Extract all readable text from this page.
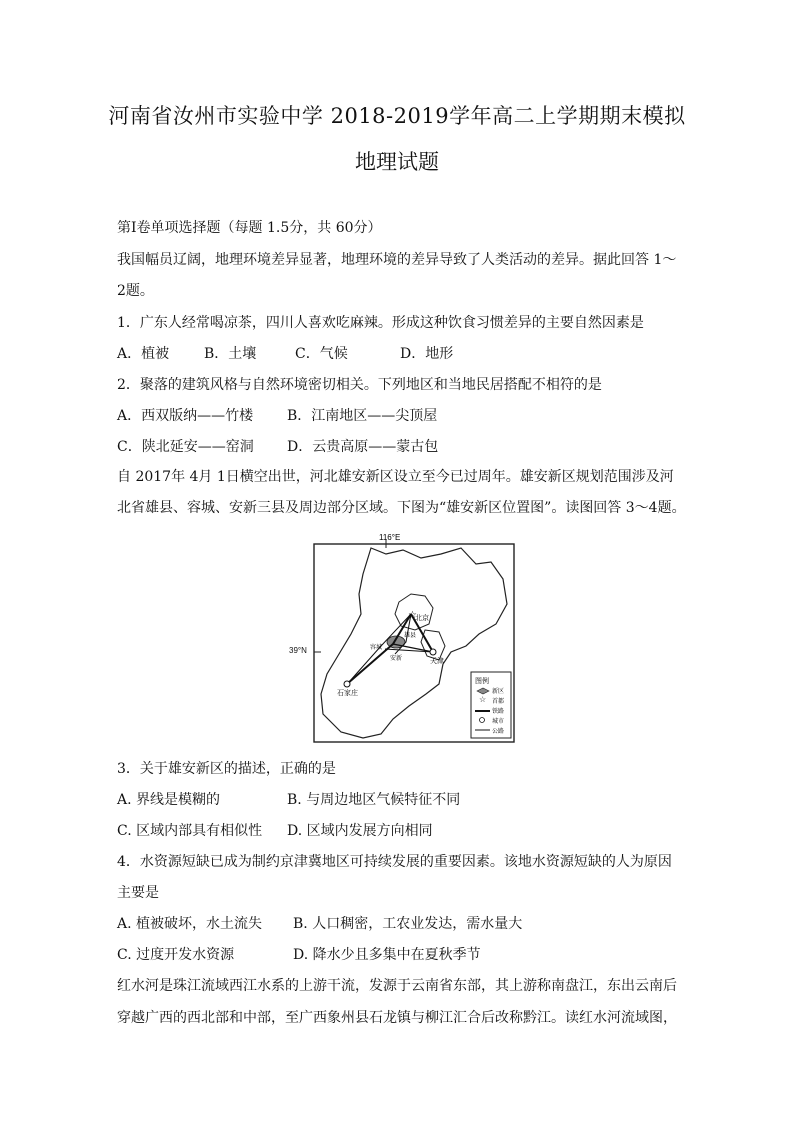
河南省汝州市实验中学 2018-2019学年高二上学期期末模拟
地理试题
第Ⅰ卷单项选择题（每题 1.5分，共 60分）
我国幅员辽阔，地理环境差异显著，地理环境的差异导致了人类活动的差异。据此回答 1～
2题。
1．广东人经常喝凉茶，四川人喜欢吃麻辣。形成这种饮食习惯差异的主要自然因素是
A．植被 B．土壤	C．气候	D．地形
2．聚落的建筑风格与自然环境密切相关。下列地区和当地民居搭配不相符的是
A．西双版纳——竹楼 B．江南地区——尖顶屋
C．陕北延安——窑洞 D．云贵高原——蒙古包
自 2017年 4月 1日横空出世，河北雄安新区设立至今已过周年。雄安新区规划范围涉及河
北省雄县、容城、安新三县及周边部分区域。下图为“雄安新区位置图”。读图回答 3～4题。
☆
☆
116°E
北京
天津
石家庄
容城
雄县
安新
图例
新区
首都
铁路
城市
公路
39°N
3．关于雄安新区的描述，正确的是
A. 界线是模糊的	B. 与周边地区气候特征不同
C. 区域内部具有相似性 D. 区域内发展方向相同
4．水资源短缺已成为制约京津冀地区可持续发展的重要因素。该地水资源短缺的人为原因
主要是
A. 植被破坏，水土流失 B. 人口稠密，工农业发达，需水量大
C. 过度开发水资源	D. 降水少且多集中在夏秋季节
红水河是珠江流域西江水系的上游干流，发源于云南省东部，其上游称南盘江，东出云南后
穿越广西的西北部和中部，至广西象州县石龙镇与柳江汇合后改称黔江。读红水河流域图，
